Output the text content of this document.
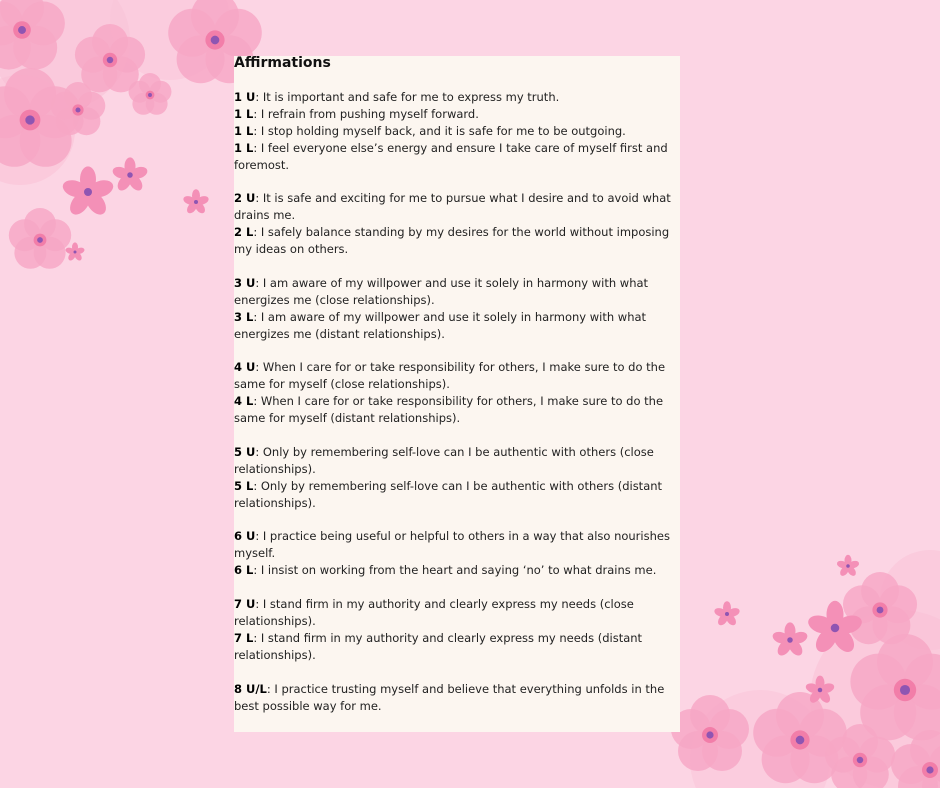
Affirmations
1 U: It is important and safe for me to express my truth.
1 L: I refrain from pushing myself forward.
1 L: I stop holding myself back, and it is safe for me to be outgoing.
1 L: I feel everyone else’s energy and ensure I take care of myself first and foremost.
2 U: It is safe and exciting for me to pursue what I desire and to avoid what drains me.
2 L: I safely balance standing by my desires for the world without imposing my ideas on others.
3 U: I am aware of my willpower and use it solely in harmony with what energizes me (close relationships).
3 L: I am aware of my willpower and use it solely in harmony with what energizes me (distant relationships).
4 U: When I care for or take responsibility for others, I make sure to do the same for myself (close relationships).
4 L: When I care for or take responsibility for others, I make sure to do the same for myself (distant relationships).
5 U: Only by remembering self-love can I be authentic with others (close relationships).
5 L: Only by remembering self-love can I be authentic with others (distant relationships).
6 U: I practice being useful or helpful to others in a way that also nourishes myself.
6 L: I insist on working from the heart and saying ‘no’ to what drains me.
7 U: I stand firm in my authority and clearly express my needs (close relationships).
7 L: I stand firm in my authority and clearly express my needs (distant relationships).
8 U/L: I practice trusting myself and believe that everything unfolds in the best possible way for me.
